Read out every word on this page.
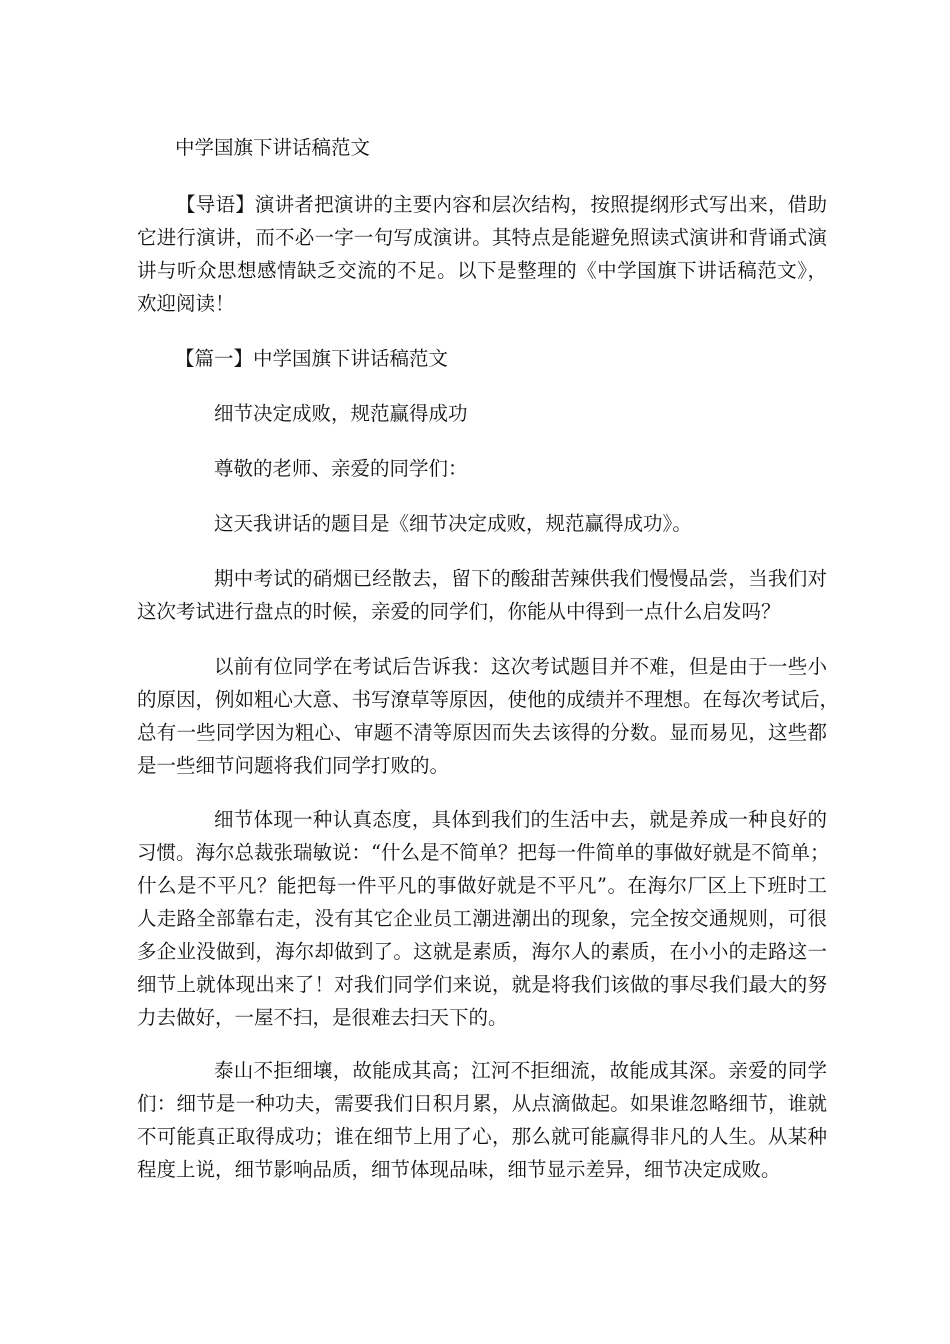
中学国旗下讲话稿范文

【导语】演讲者把演讲的主要内容和层次结构，按照提纲形式写出来，借助
它进行演讲，而不必一字一句写成演讲。其特点是能避免照读式演讲和背诵式演
讲与听众思想感情缺乏交流的不足。以下是整理的《中学国旗下讲话稿范文》，
欢迎阅读！

【篇一】中学国旗下讲话稿范文

细节决定成败，规范赢得成功

尊敬的老师、亲爱的同学们：

这天我讲话的题目是《细节决定成败，规范赢得成功》。

期中考试的硝烟已经散去，留下的酸甜苦辣供我们慢慢品尝，当我们对
这次考试进行盘点的时候，亲爱的同学们，你能从中得到一点什么启发吗？
以前有位同学在考试后告诉我：这次考试题目并不难，但是由于一些小
的原因，例如粗心大意、书写潦草等原因，使他的成绩并不理想。在每次考试后，
总有一些同学因为粗心、审题不清等原因而失去该得的分数。显而易见，这些都
是一些细节问题将我们同学打败的。
细节体现一种认真态度，具体到我们的生活中去，就是养成一种良好的
习惯。海尔总裁张瑞敏说：“什么是不简单？把每一件简单的事做好就是不简单；
什么是不平凡？能把每一件平凡的事做好就是不平凡”。在海尔厂区上下班时工
人走路全部靠右走，没有其它企业员工潮进潮出的现象，完全按交通规则，可很
多企业没做到，海尔却做到了。这就是素质，海尔人的素质，在小小的走路这一
细节上就体现出来了！对我们同学们来说，就是将我们该做的事尽我们最大的努
力去做好，一屋不扫，是很难去扫天下的。
泰山不拒细壤，故能成其高；江河不拒细流，故能成其深。亲爱的同学
们：细节是一种功夫，需要我们日积月累，从点滴做起。如果谁忽略细节，谁就
不可能真正取得成功；谁在细节上用了心，那么就可能赢得非凡的人生。从某种
程度上说，细节影响品质，细节体现品味，细节显示差异，细节决定成败。
